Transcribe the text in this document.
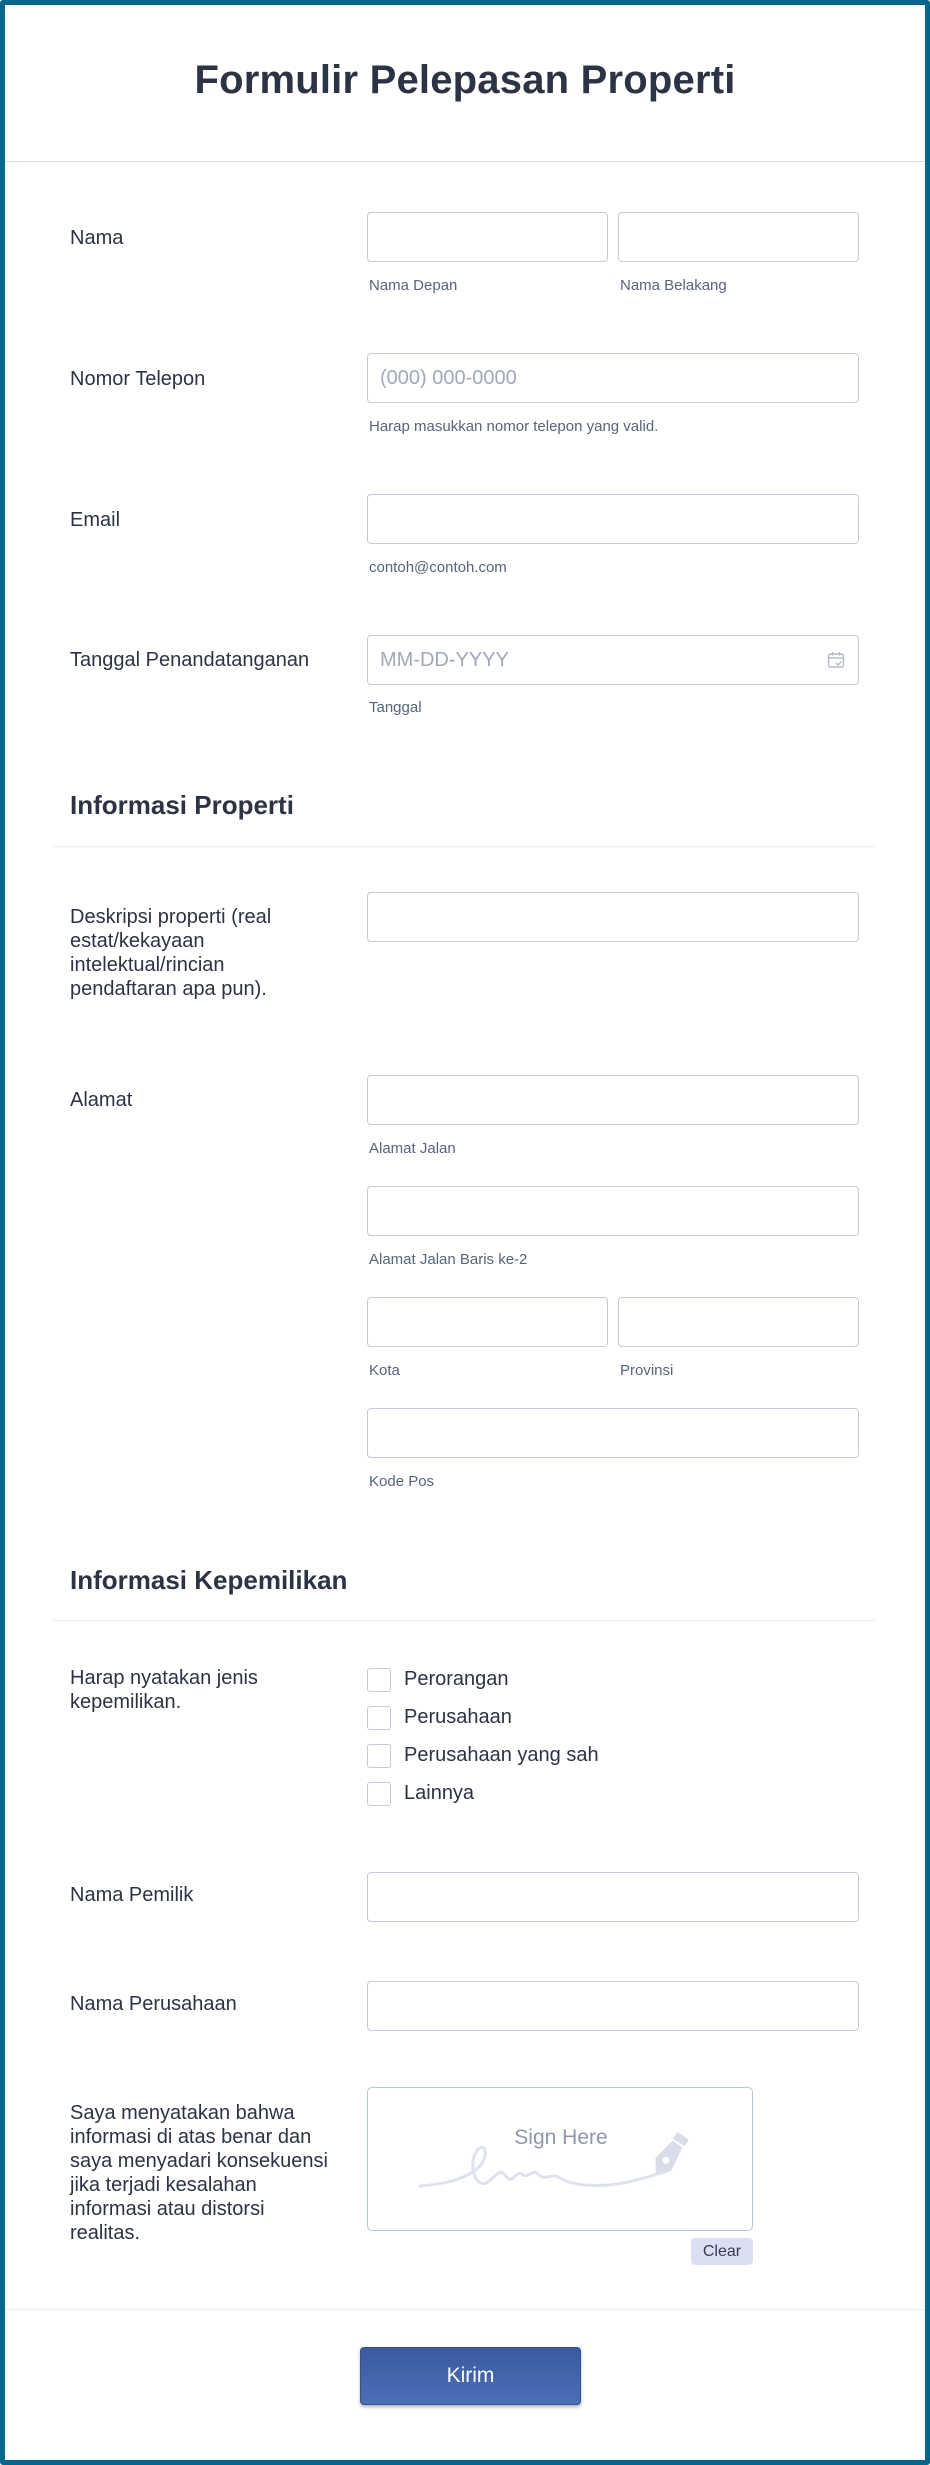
Formulir Pelepasan Properti
Nama
Nama Depan	Nama Belakang
Nomor Telepon
(000) 000-0000
Harap masukkan nomor telepon yang valid.
Email
contoh@contoh.com
Tanggal Penandatanganan
MM-DD-YYYY
Tanggal
Informasi Properti
Deskripsi properti (real
estat/kekayaan
intelektual/rincian
pendaftaran apa pun).
Alamat
Alamat Jalan
Alamat Jalan Baris ke-2
Kota	Provinsi
Kode Pos
Informasi Kepemilikan
Harap nyatakan jenis
kepemilikan.
Perorangan
Perusahaan
Perusahaan yang sah
Lainnya
Nama Pemilik
Nama Perusahaan
Saya menyatakan bahwa
informasi di atas benar dan
saya menyadari konsekuensi
jika terjadi kesalahan
informasi atau distorsi
realitas.
Sign Here
Clear
Kirim
